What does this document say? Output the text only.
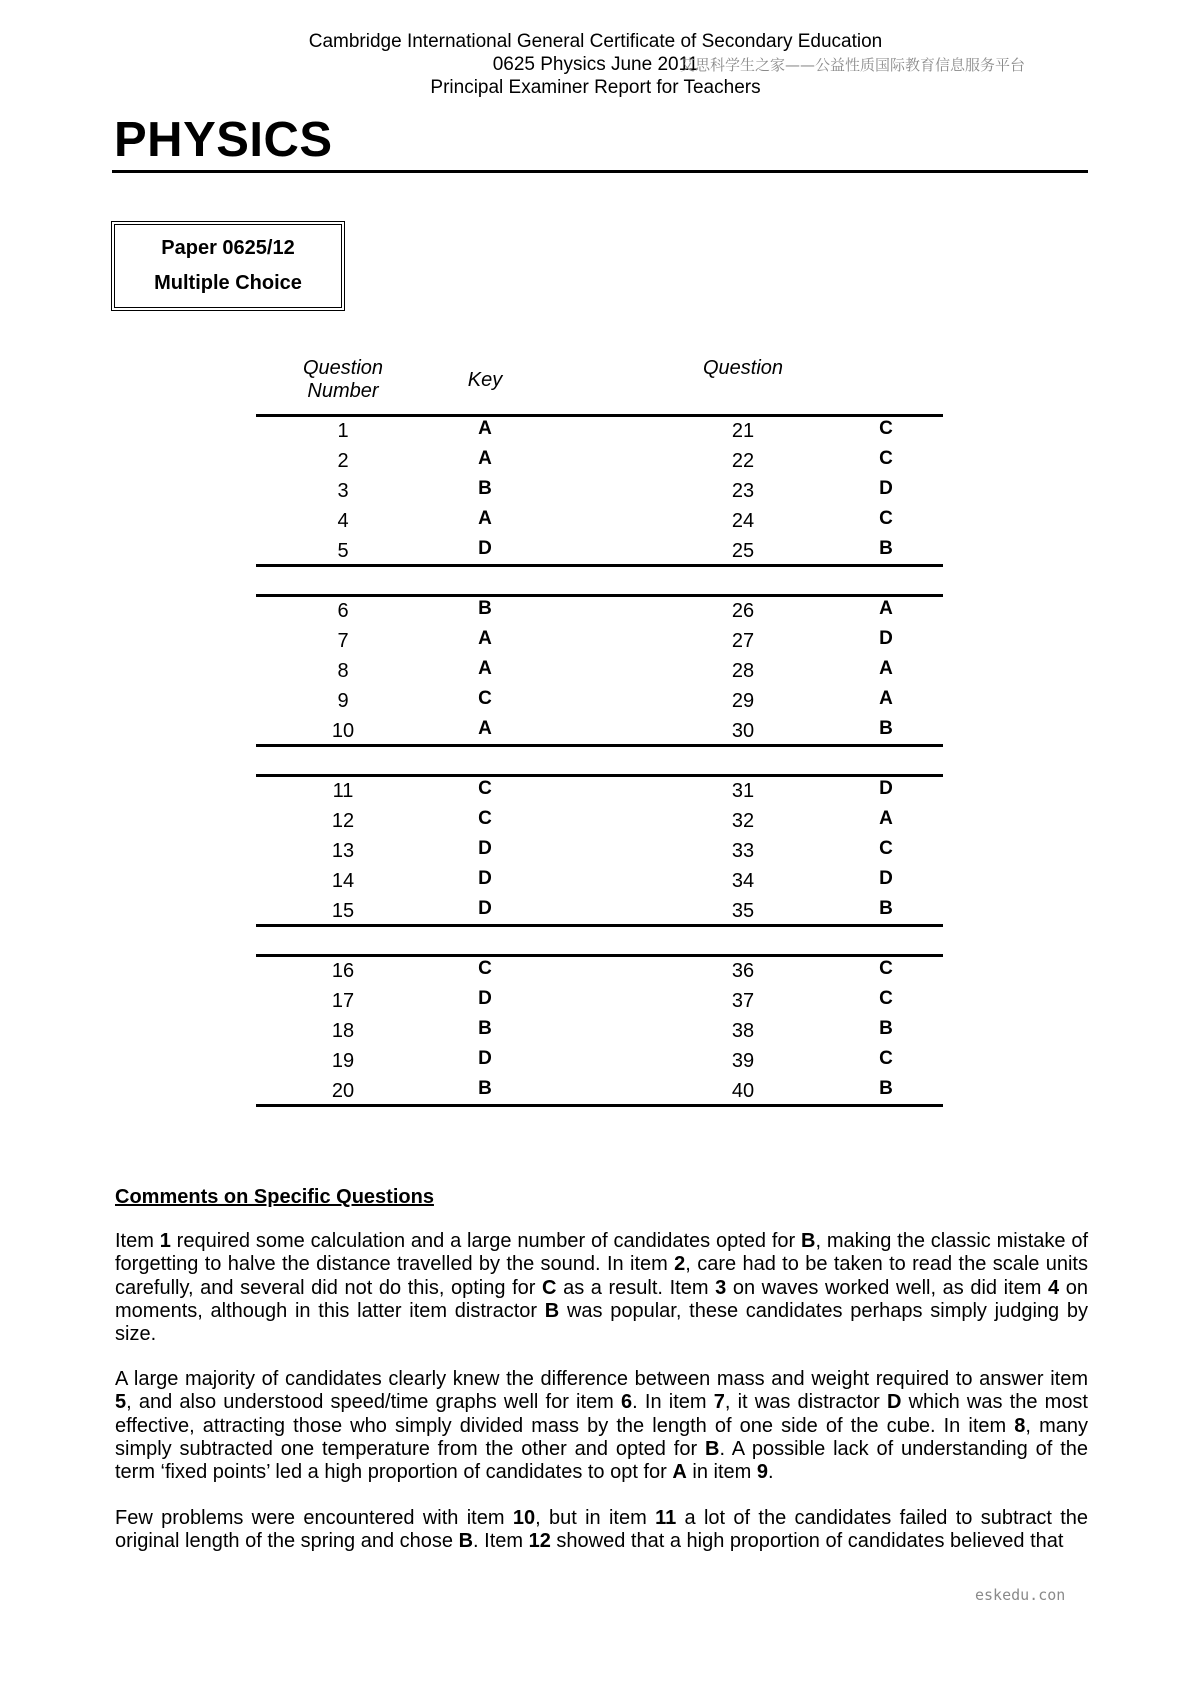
Cambridge International General Certificate of Secondary Education
0625 Physics June 2011
Principal Examiner Report for Teachers
艾思科学生之家——公益性质国际教育信息服务平台
PHYSICS
Paper 0625/12
Multiple Choice
Question Number	Key
Question
1	A	21	C
2	A	22	C
3	B	23	D
4	A	24	C
5	D	25	B
6	B	26	A
7	A	27	D
8	A	28	A
9	C	29	A
10	A	30	B
11	C	31	D
12	C	32	A
13	D	33	C
14	D	34	D
15	D	35	B
16	C	36	C
17	D	37	C
18	B	38	B
19	D	39	C
20	B	40	B
Comments on Specific Questions
Item 1 required some calculation and a large number of candidates opted for B, making the classic mistake of forgetting to halve the distance travelled by the sound. In item 2, care had to be taken to read the scale units carefully, and several did not do this, opting for C as a result. Item 3 on waves worked well, as did item 4 on moments, although in this latter item distractor B was popular, these candidates perhaps simply judging by size.
A large majority of candidates clearly knew the difference between mass and weight required to answer item 5, and also understood speed/time graphs well for item 6. In item 7, it was distractor D which was the most effective, attracting those who simply divided mass by the length of one side of the cube. In item 8, many simply subtracted one temperature from the other and opted for B. A possible lack of understanding of the term ‘fixed points’ led a high proportion of candidates to opt for A in item 9.
Few problems were encountered with item 10, but in item 11 a lot of the candidates failed to subtract the original length of the spring and chose B. Item 12 showed that a high proportion of candidates believed that
eskedu.con
